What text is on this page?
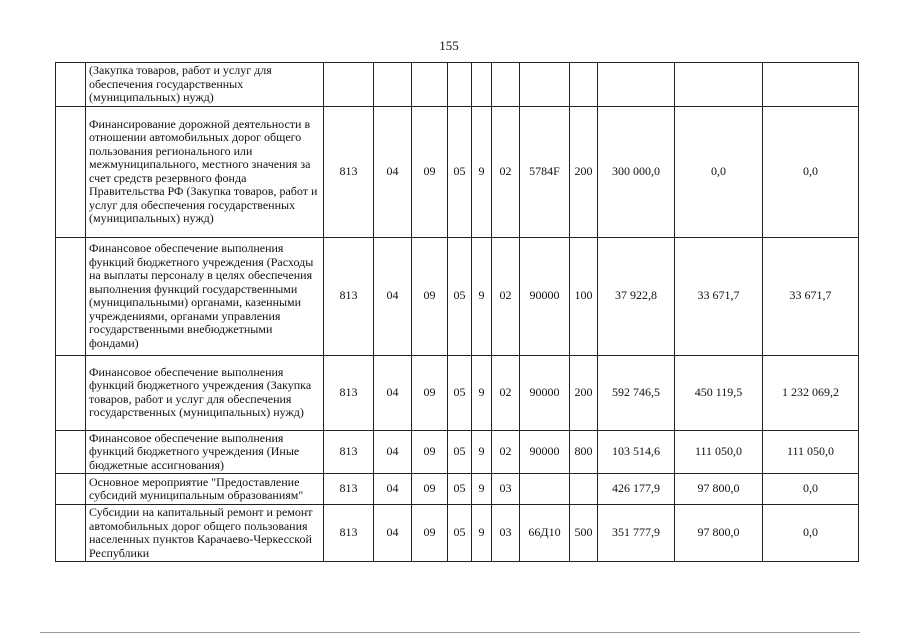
155
	(Закупка товаров, работ и услуг для обеспечения государственных (муниципальных) нужд)											
	Финансирование дорожной деятельности в отношении автомобильных дорог общего пользования регионального или межмуниципального, местного значения за счет средств резервного фонда Правительства РФ (Закупка товаров, работ и услуг для обеспечения государственных (муниципальных) нужд)	813	04	09	05	9	02	5784F	200	300 000,0	0,0	0,0
	Финансовое обеспечение выполнения функций бюджетного учреждения (Расходы на выплаты персоналу в целях обеспечения выполнения функций государственными (муниципальными) органами, казенными учреждениями, органами управления государственными внебюджетными фондами)	813	04	09	05	9	02	90000	100	37 922,8	33 671,7	33 671,7
	Финансовое обеспечение выполнения функций бюджетного учреждения (Закупка товаров, работ и услуг для обеспечения государственных (муниципальных) нужд)	813	04	09	05	9	02	90000	200	592 746,5	450 119,5	1 232 069,2
	Финансовое обеспечение выполнения функций бюджетного учреждения (Иные бюджетные ассигнования)	813	04	09	05	9	02	90000	800	103 514,6	111 050,0	111 050,0
	Основное мероприятие "Предоставление субсидий муниципальным образованиям"	813	04	09	05	9	03			426 177,9	97 800,0	0,0
	Субсидии на капитальный ремонт и ремонт автомобильных дорог общего пользования населенных пунктов Карачаево-Черкесской Республики	813	04	09	05	9	03	66Д10	500	351 777,9	97 800,0	0,0
